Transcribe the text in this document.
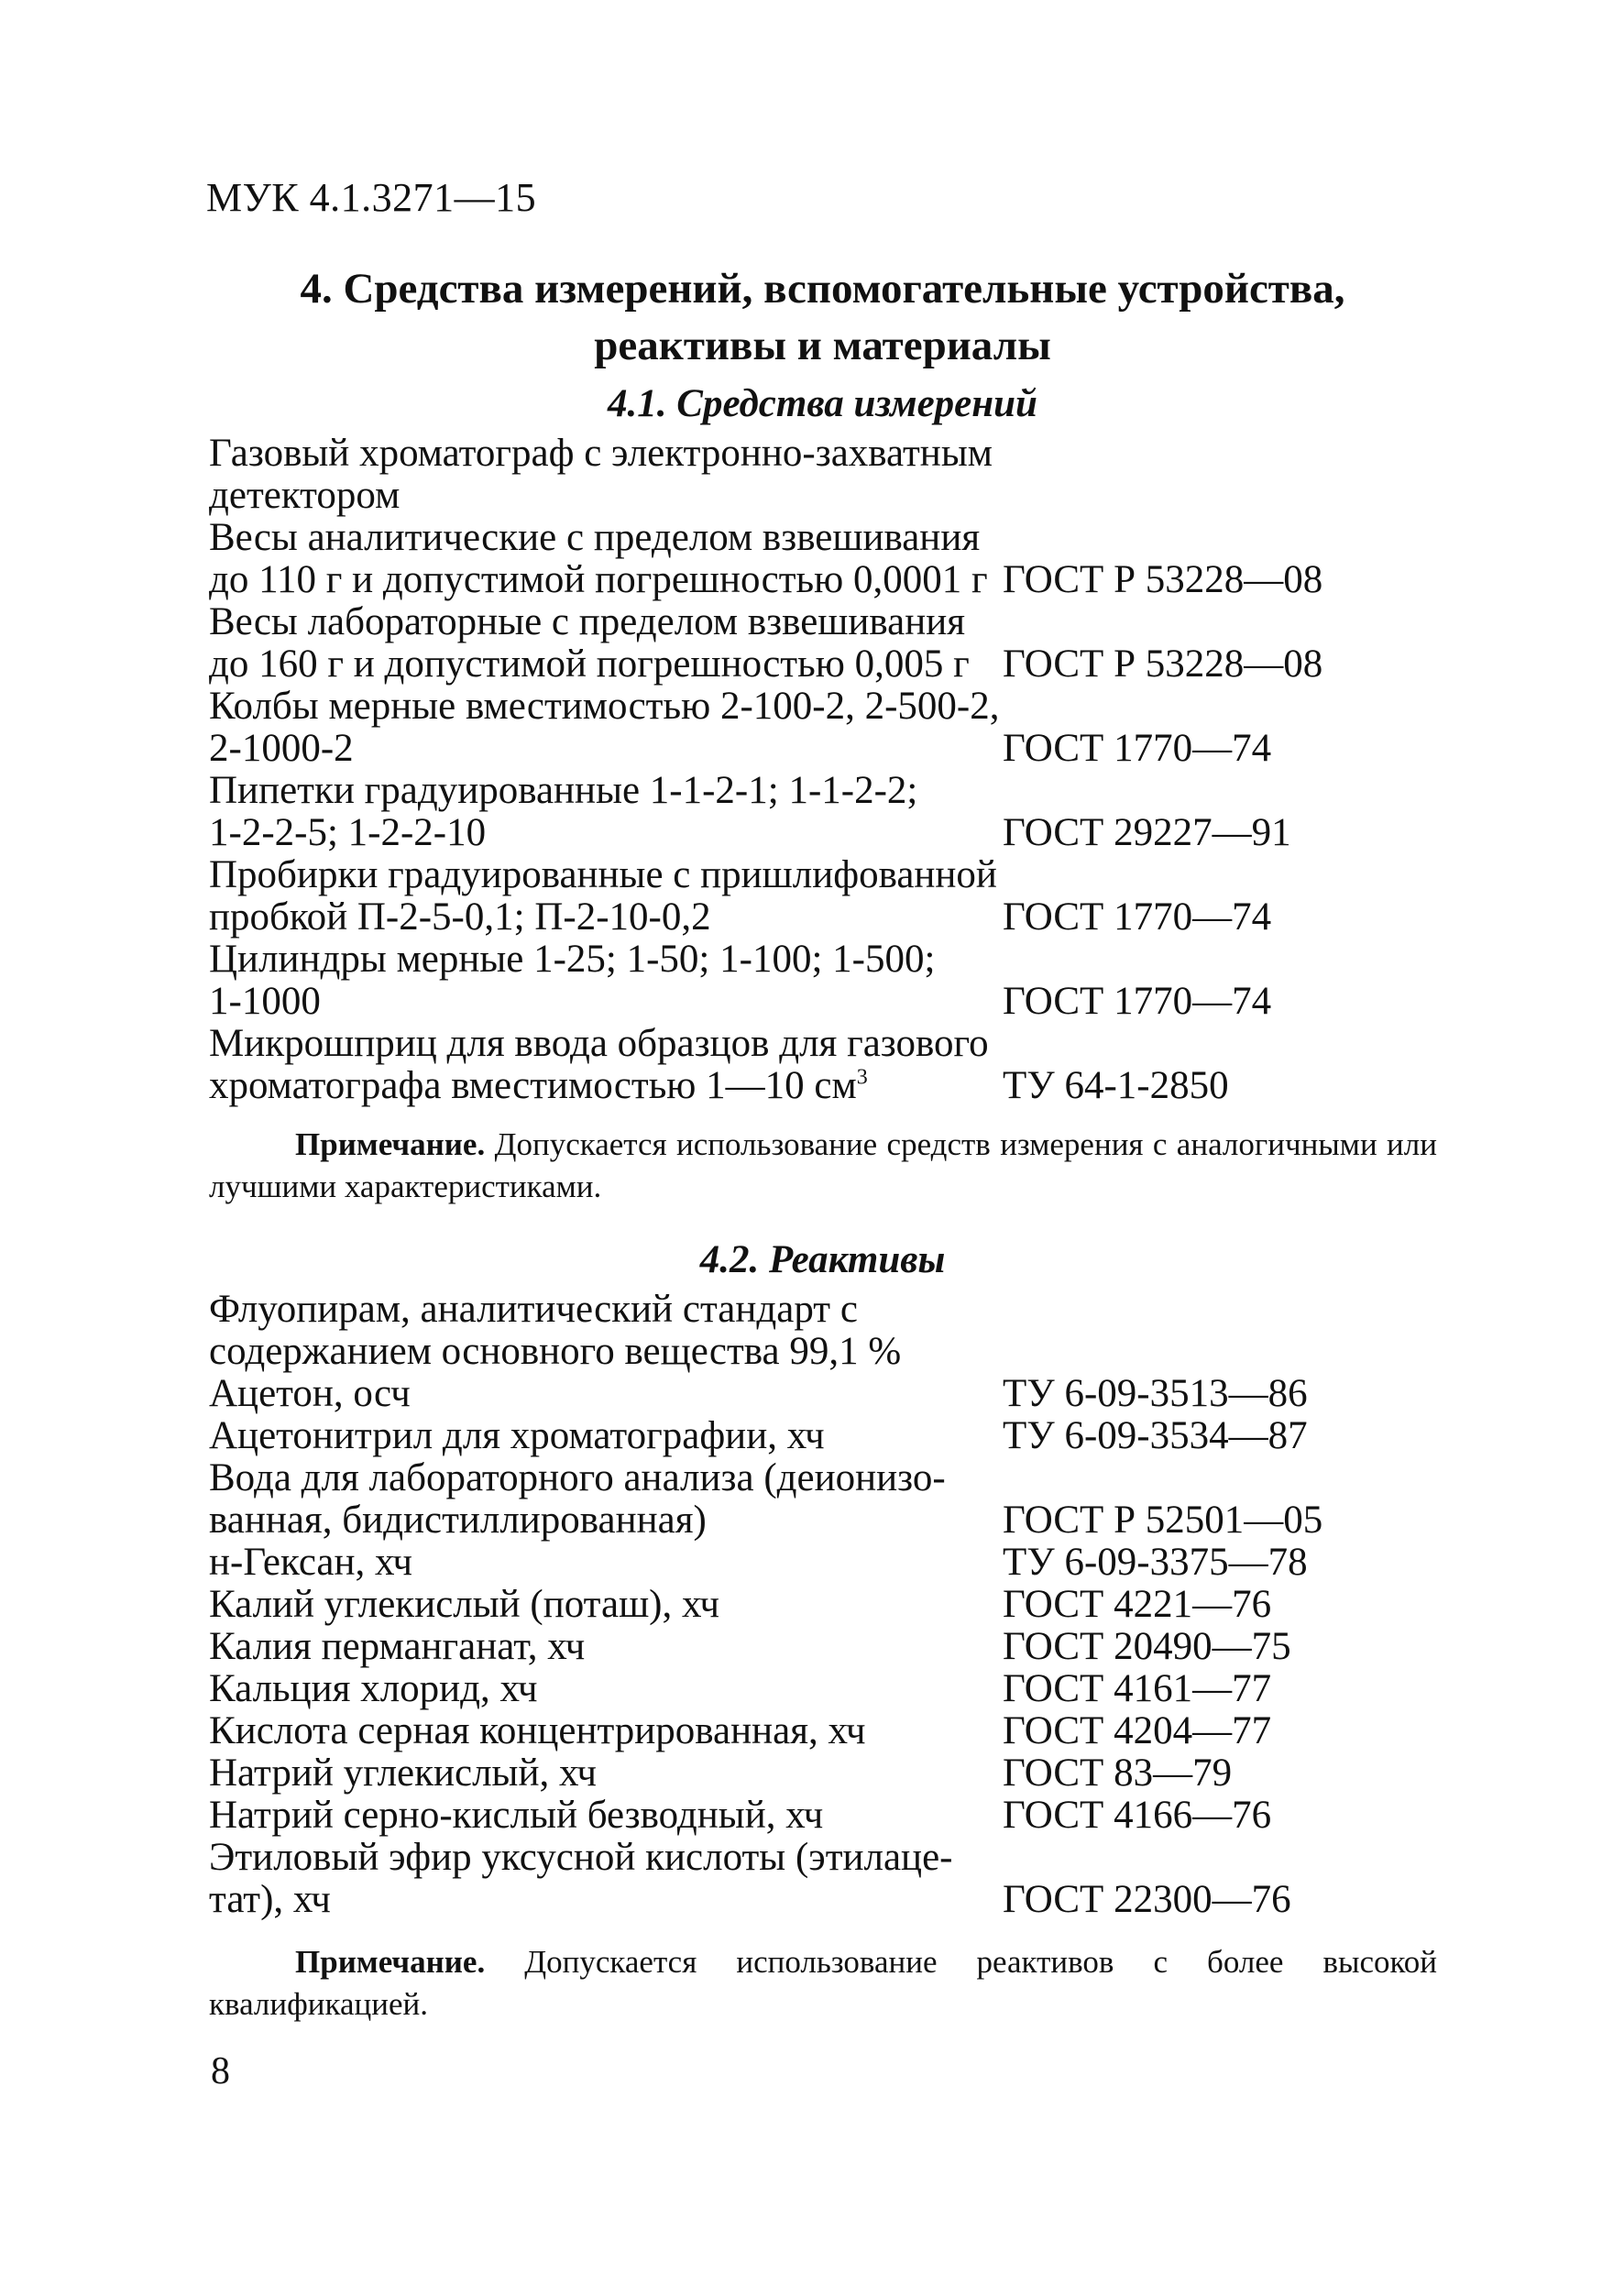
МУК 4.1.3271—15
4. Средства измерений, вспомогательные устройства,
реактивы и материалы
4.1. Средства измерений
Газовый хроматограф с электронно-захватным
детектором
Весы аналитические с пределом взвешивания
до 110 г и допустимой погрешностью 0,0001 г ГОСТ Р 53228—08
Весы лабораторные с пределом взвешивания
до 160 г и допустимой погрешностью 0,005 г ГОСТ Р 53228—08
Колбы мерные вместимостью 2-100-2, 2-500-2,
2-1000-2	ГОСТ 1770—74
Пипетки градуированные 1-1-2-1; 1-1-2-2;
1-2-2-5; 1-2-2-10	ГОСТ 29227—91
Пробирки градуированные с пришлифованной
пробкой П-2-5-0,1; П-2-10-0,2	ГОСТ 1770—74
Цилиндры мерные 1-25; 1-50; 1-100; 1-500;
1-1000	ГОСТ 1770—74
Микрошприц для ввода образцов для газового
хроматографа вместимостью 1—10 $см^3$	ТУ 64-1-2850
Примечание. Допускается использование средств измерения с аналогичными или лучшими характеристиками.
4.2. Реактивы
Флуопирам, аналитический стандарт с
содержанием основного вещества 99,1 %
Ацетон, осч	ТУ 6-09-3513—86
Ацетонитрил для хроматографии, хч	ТУ 6-09-3534—87
Вода для лабораторного анализа (деионизо-
ванная, бидистиллированная)	ГОСТ Р 52501—05
н-Гексан, хч	ТУ 6-09-3375—78
Калий углекислый (поташ), хч	ГОСТ 4221—76
Калия перманганат, хч	ГОСТ 20490—75
Кальция хлорид, хч	ГОСТ 4161—77
Кислота серная концентрированная, хч	ГОСТ 4204—77
Натрий углекислый, хч	ГОСТ 83—79
Натрий серно-кислый безводный, хч	ГОСТ 4166—76
Этиловый эфир уксусной кислоты (этилаце-
тат), хч	ГОСТ 22300—76
Примечание. Допускается использование реактивов с более высокой квалификацией.
8
